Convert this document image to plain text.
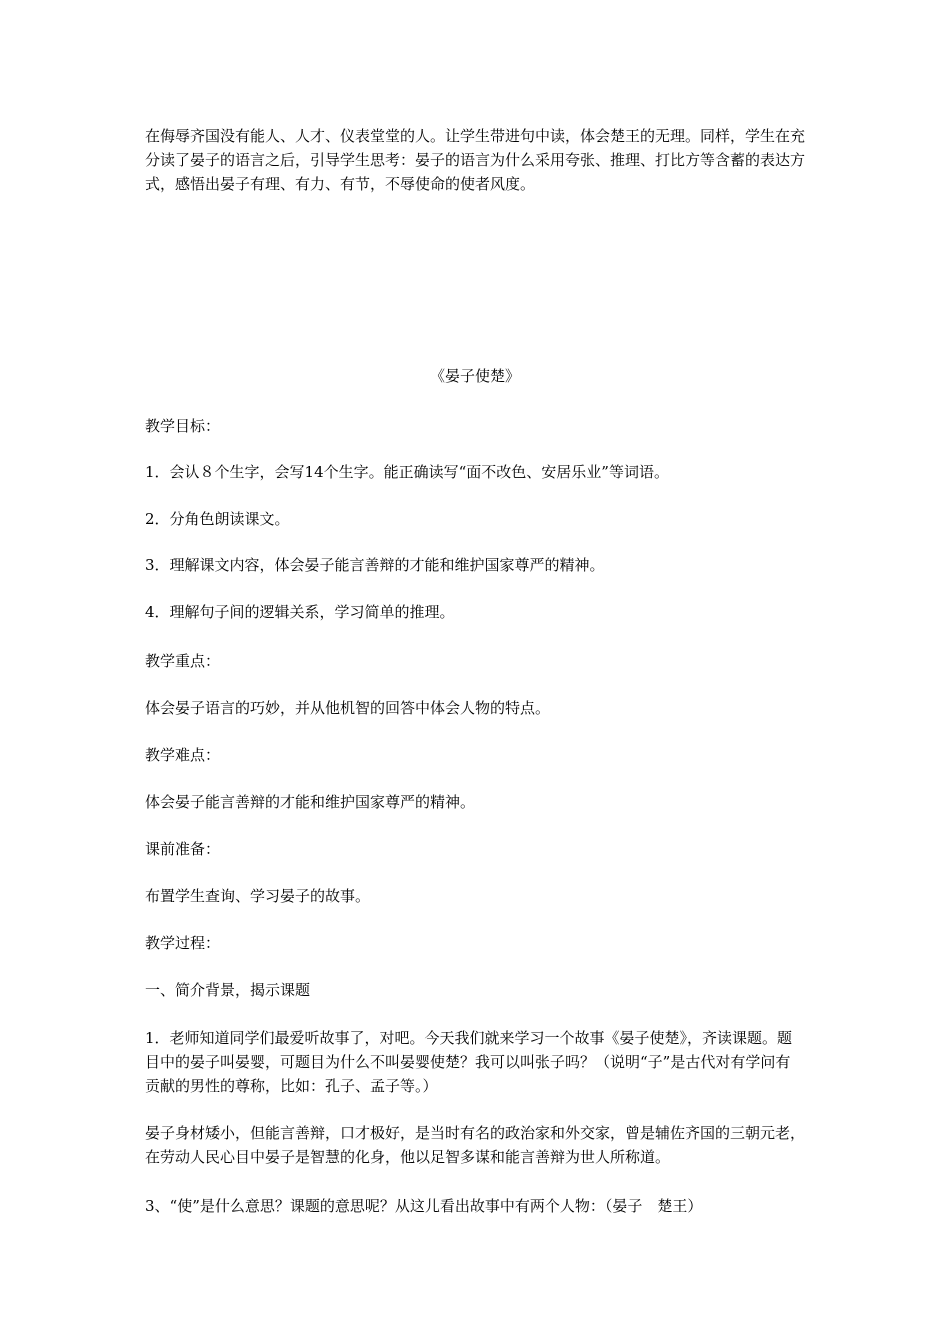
在侮辱齐国没有能人、人才、仪表堂堂的人。让学生带进句中读，体会楚王的无理。同样，学生在充分读了晏子的语言之后，引导学生思考：晏子的语言为什么采用夸张、推理、打比方等含蓄的表达方式，感悟出晏子有理、有力、有节，不辱使命的使者风度。

《晏子使楚》

教学目标：

1．会认８个生字，会写14个生字。能正确读写“面不改色、安居乐业”等词语。

2．分角色朗读课文。

3．理解课文内容，体会晏子能言善辩的才能和维护国家尊严的精神。

4．理解句子间的逻辑关系，学习简单的推理。

教学重点：

体会晏子语言的巧妙，并从他机智的回答中体会人物的特点。

教学难点：

体会晏子能言善辩的才能和维护国家尊严的精神。

课前准备：

布置学生查询、学习晏子的故事。

教学过程：

一、简介背景，揭示课题

1．老师知道同学们最爱听故事了，对吧。今天我们就来学习一个故事《晏子使楚》，齐读课题。题目中的晏子叫晏婴，可题目为什么不叫晏婴使楚？我可以叫张子吗？（说明“子”是古代对有学问有贡献的男性的尊称，比如：孔子、孟子等。）

晏子身材矮小，但能言善辩，口才极好，是当时有名的政治家和外交家，曾是辅佐齐国的三朝元老，在劳动人民心目中晏子是智慧的化身，他以足智多谋和能言善辩为世人所称道。

3、“使”是什么意思？课题的意思呢？从这儿看出故事中有两个人物：（晏子　楚王）
